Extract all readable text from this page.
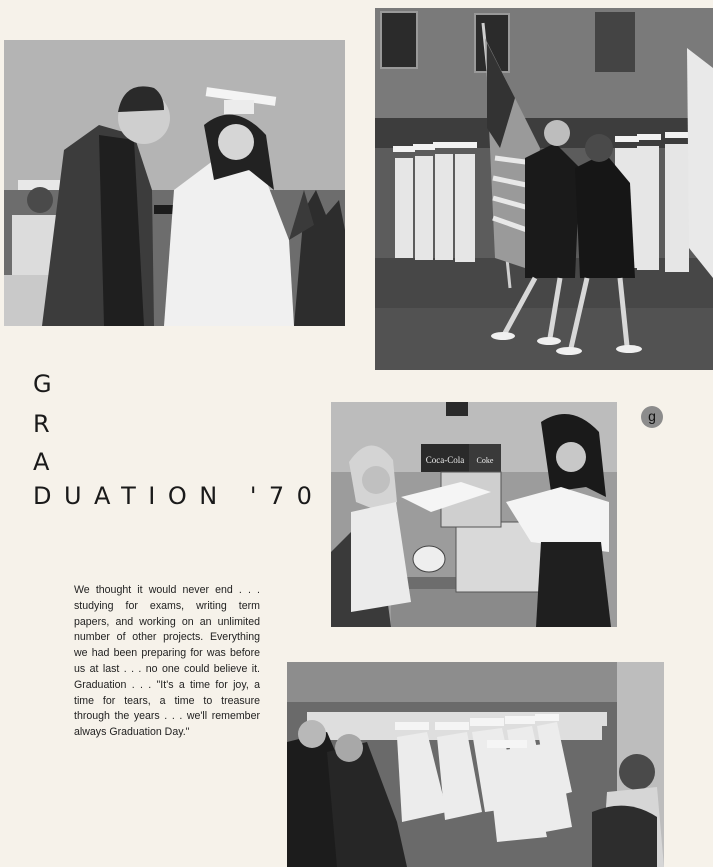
Coca-Cola Coke
G
R
A
DUATION '70
g
We thought it would never end . . . studying for exams, writing term papers, and working on an unlimited number of other projects. Everything we had been preparing for was before us at last . . . no one could believe it. Graduation . . . "It's a time for joy, a time for tears, a time to treasure through the years . . . we'll remember always Graduation Day."
